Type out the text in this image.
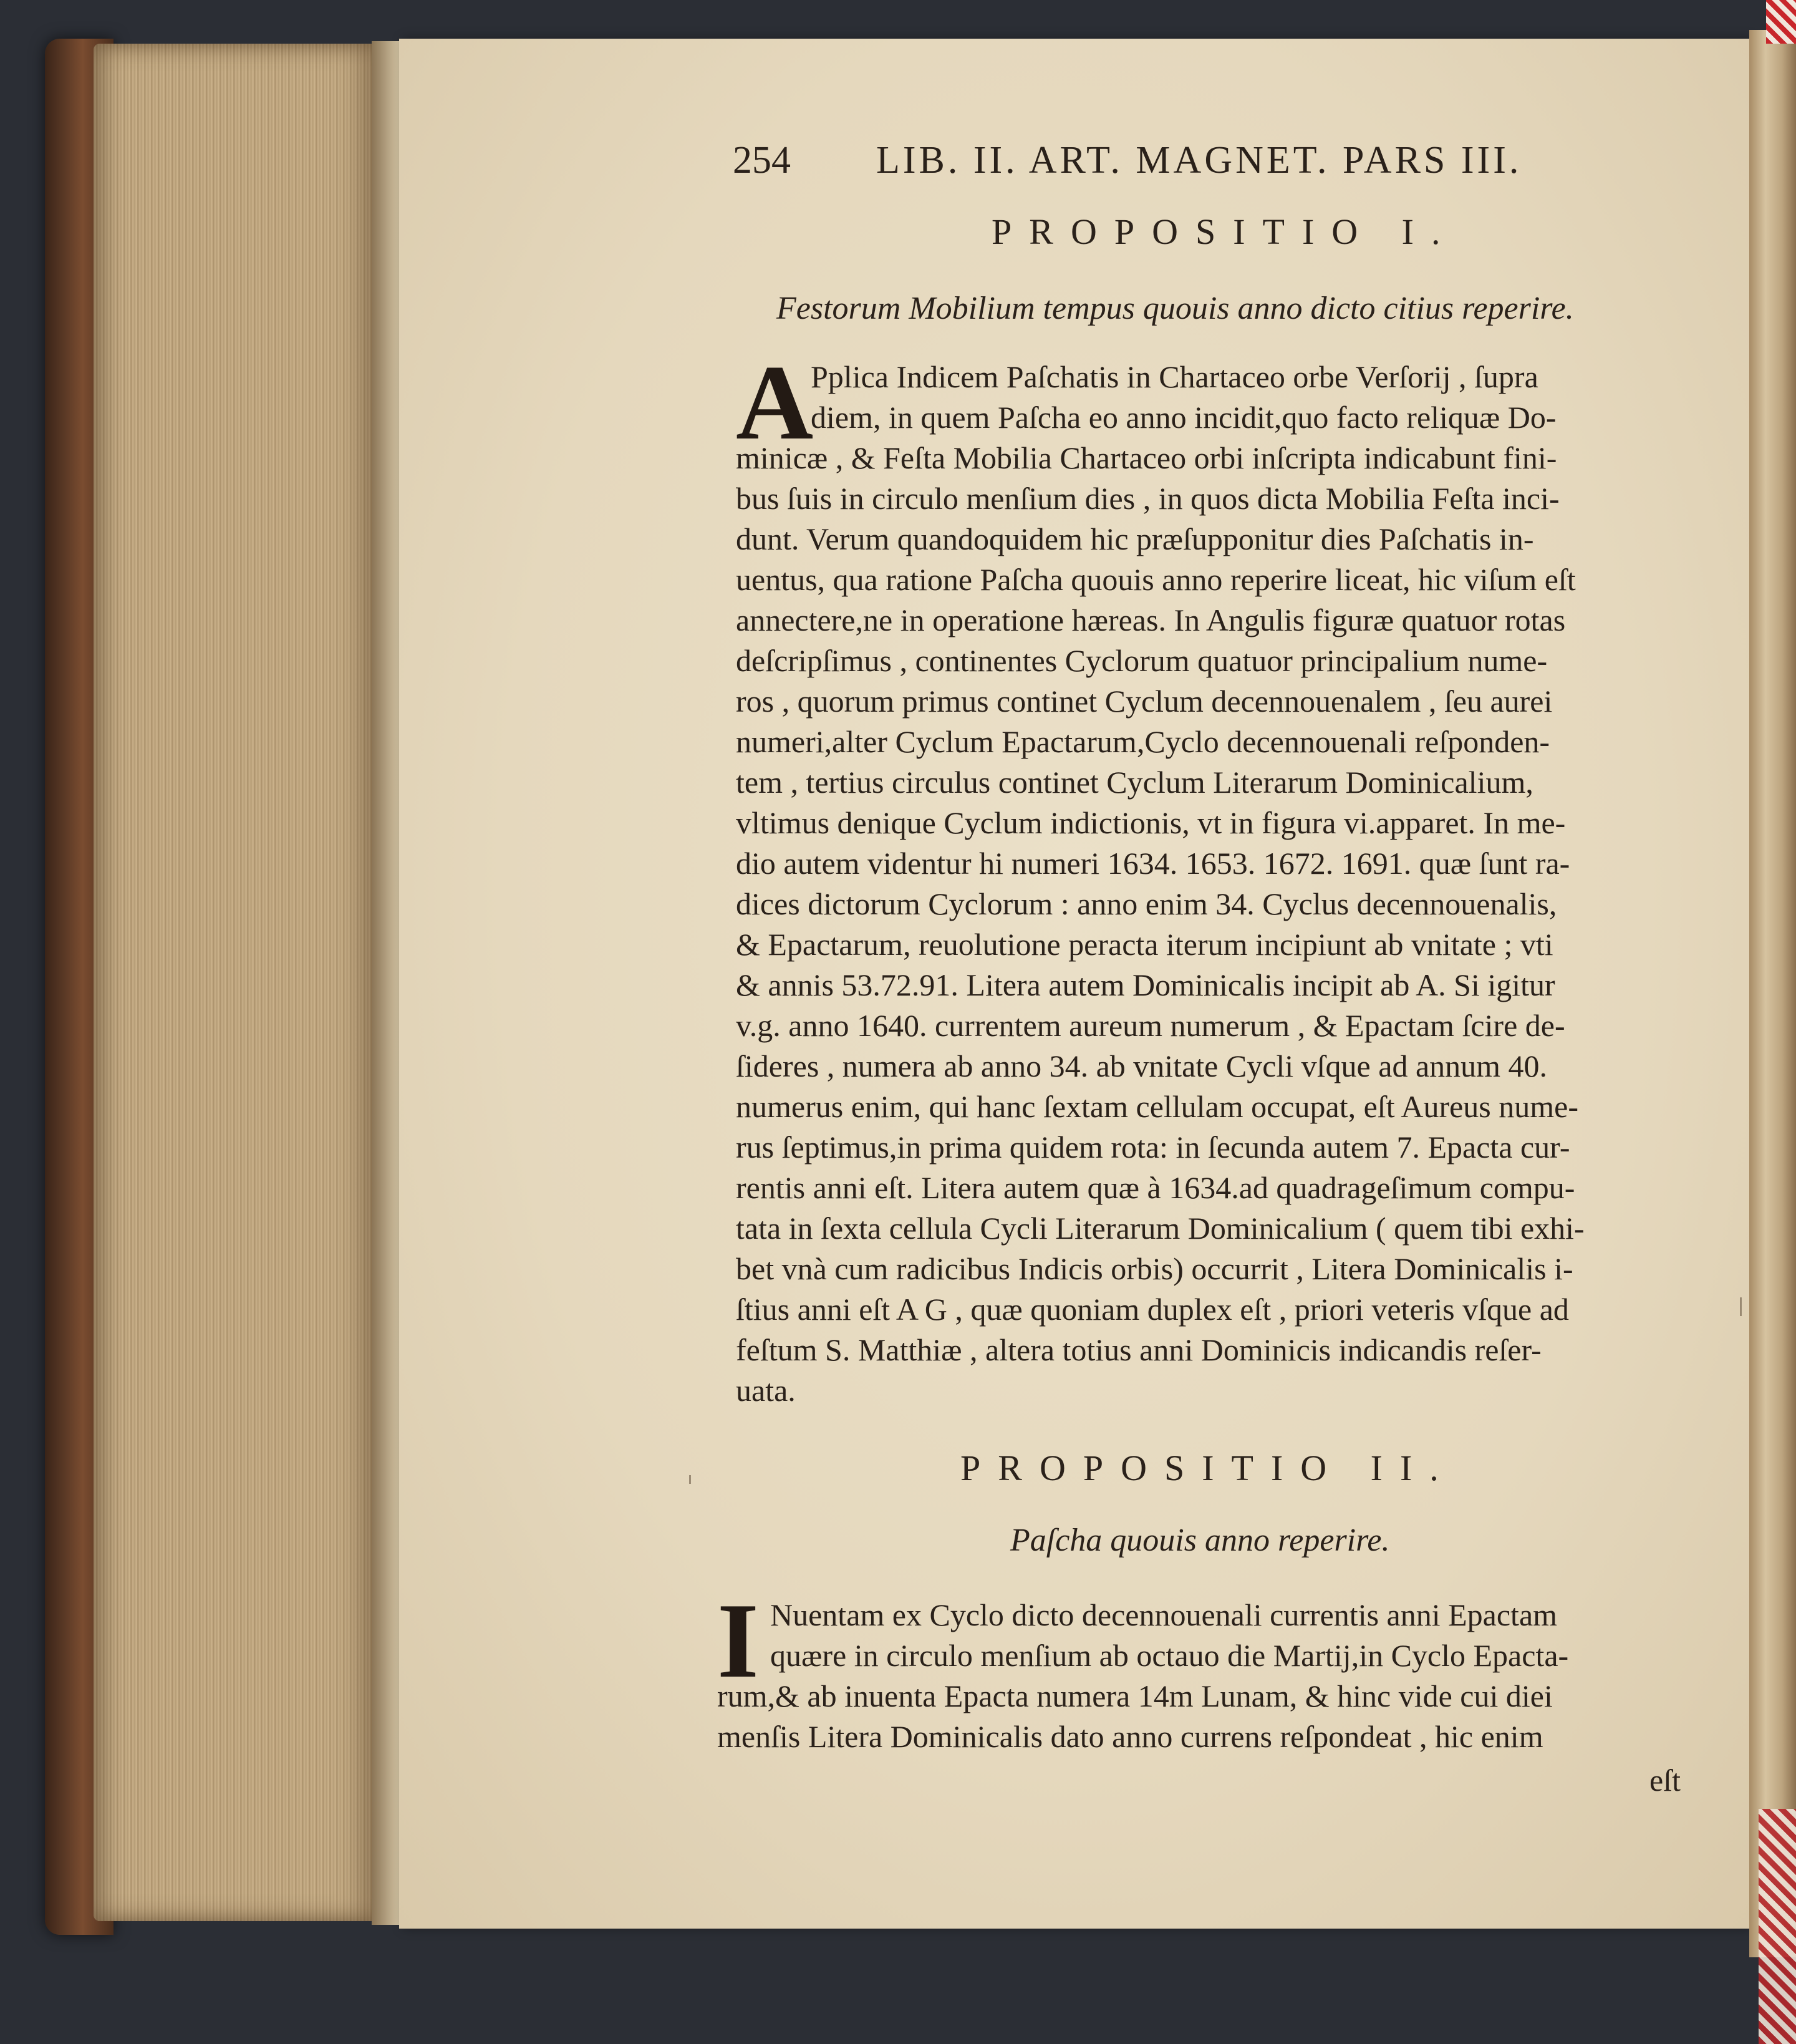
254 LIB. II. ART. MAGNET. PARS III.
PROPOSITIO I.
Festorum Mobilium tempus quouis anno dicto citius reperire.
A
Pplica Indicem Paſchatis in Chartaceo orbe Verſorij , ſupra
diem, in quem Paſcha eo anno incidit,quo facto reliquæ Do-
minicæ , & Feſta Mobilia Chartaceo orbi inſcripta indicabunt fini-
bus ſuis in circulo menſium dies , in quos dicta Mobilia Feſta inci-
dunt. Verum quandoquidem hic præſupponitur dies Paſchatis in-
uentus, qua ratione Paſcha quouis anno reperire liceat, hic viſum eſt
annectere,ne in operatione hæreas. In Angulis figuræ quatuor rotas
deſcripſimus , continentes Cyclorum quatuor principalium nume-
ros , quorum primus continet Cyclum decennouenalem , ſeu aurei
numeri,alter Cyclum Epactarum,Cyclo decennouenali reſponden-
tem , tertius circulus continet Cyclum Literarum Dominicalium,
vltimus denique Cyclum indictionis, vt in figura vi.apparet. In me-
dio autem videntur hi numeri 1634. 1653. 1672. 1691. quæ ſunt ra-
dices dictorum Cyclorum : anno enim 34. Cyclus decennouenalis,
& Epactarum, reuolutione peracta iterum incipiunt ab vnitate ; vti
& annis 53.72.91. Litera autem Dominicalis incipit ab A. Si igitur
v.g. anno 1640. currentem aureum numerum , & Epactam ſcire de-
ſideres , numera ab anno 34. ab vnitate Cycli vſque ad annum 40.
numerus enim, qui hanc ſextam cellulam occupat, eſt Aureus nume-
rus ſeptimus,in prima quidem rota: in ſecunda autem 7. Epacta cur-
rentis anni eſt. Litera autem quæ à 1634.ad quadrageſimum compu-
tata in ſexta cellula Cycli Literarum Dominicalium ( quem tibi exhi-
bet vnà cum radicibus Indicis orbis) occurrit , Litera Dominicalis i-
ſtius anni eſt A G , quæ quoniam duplex eſt , priori veteris vſque ad
feſtum S. Matthiæ , altera totius anni Dominicis indicandis reſer-
uata.
PROPOSITIO II.
Paſcha quouis anno reperire.
I Nuentam ex Cyclo dicto decennouenali currentis anni Epactam
quære in circulo menſium ab octauo die Martij,in Cyclo Epacta-
rum,& ab inuenta Epacta numera 14m Lunam, & hinc vide cui diei
menſis Litera Dominicalis dato anno currens reſpondeat , hic enim
eſt
